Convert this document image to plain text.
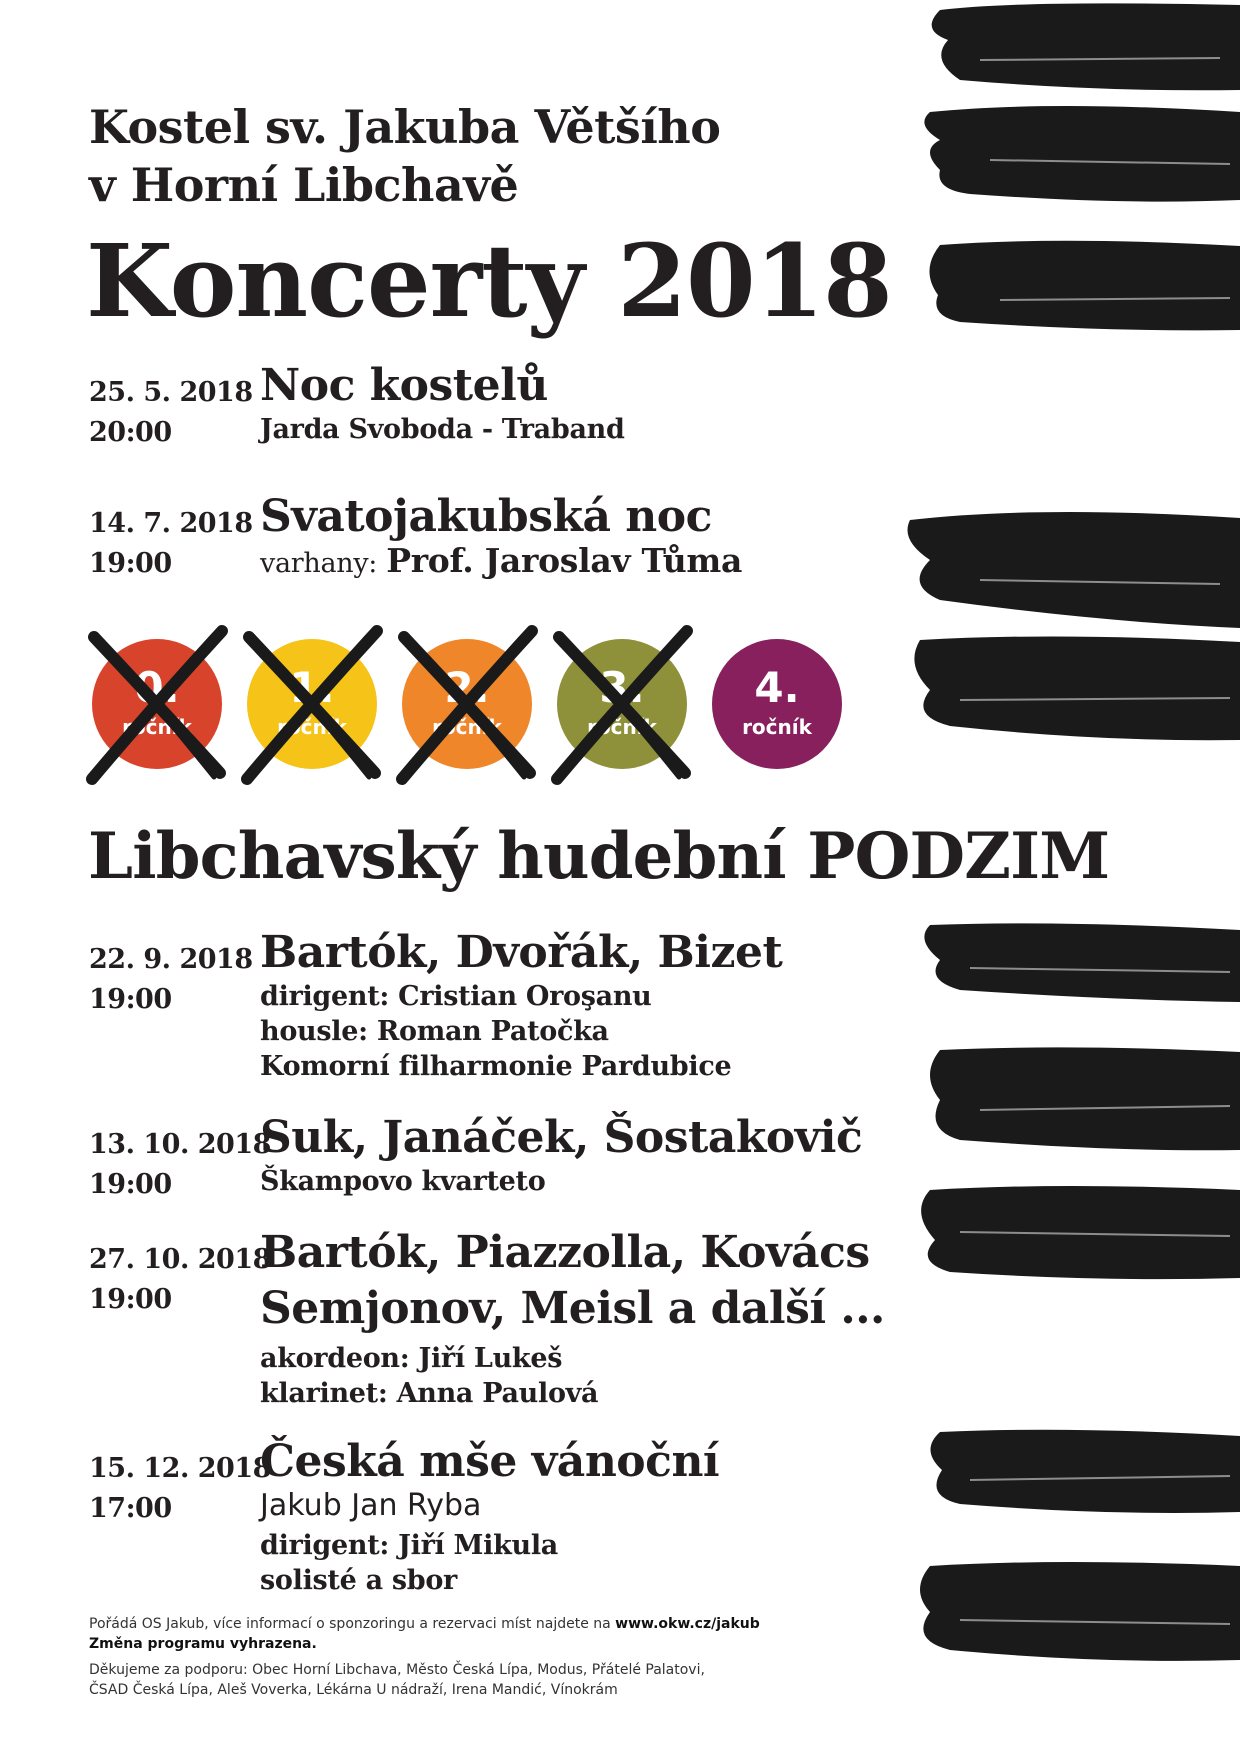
Kostel sv. Jakuba Většího
v Horní Libchavě
Koncerty 2018
25. 5. 2018
20:00
Noc kostelů
Jarda Svoboda - Traband
14. 7. 2018
19:00
Svatojakubská noc
varhany: Prof. Jaroslav Tůma
0.
ročník
1.
ročník
2.
ročník
3.
ročník
4.
ročník
Libchavský hudební PODZIM
22. 9. 2018
19:00
Bartók, Dvořák, Bizet
dirigent: Cristian Oroşanu
housle: Roman Patočka
Komorní filharmonie Pardubice
13. 10. 2018
19:00
Suk, Janáček, Šostakovič
Škampovo kvarteto
27. 10. 2018
19:00
Bartók, Piazzolla, Kovács
Semjonov, Meisl a další ...
akordeon: Jiří Lukeš
klarinet: Anna Paulová
15. 12. 2018
17:00
Česká mše vánoční
Jakub Jan Ryba
dirigent: Jiří Mikula
solisté a sbor
Pořádá OS Jakub, více informací o sponzoringu a rezervaci míst najdete na www.okw.cz/jakub
Změna programu vyhrazena.
Děkujeme za podporu: Obec Horní Libchava, Město Česká Lípa, Modus, Přátelé Palatovi,
ČSAD Česká Lípa, Aleš Voverka, Lékárna U nádraží, Irena Mandić, Vínokrám
